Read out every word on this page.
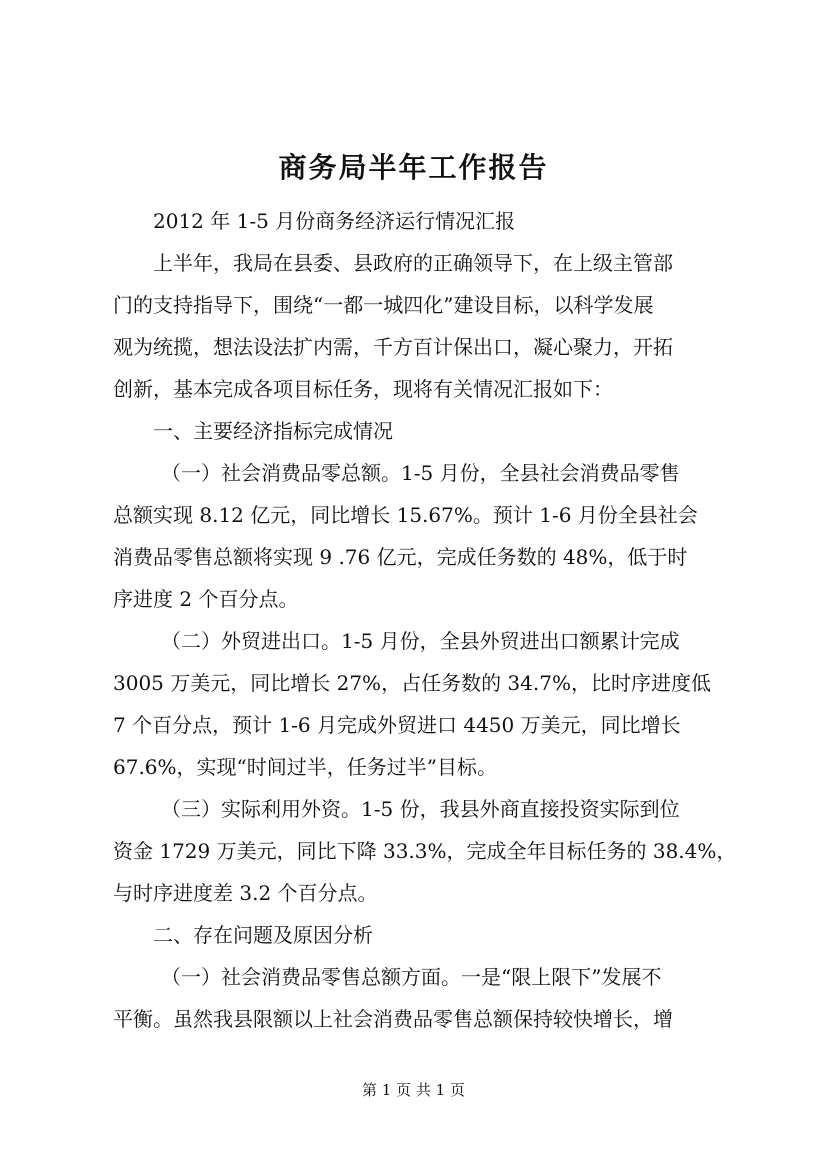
商务局半年工作报告
2012 年 1-5 月份商务经济运行情况汇报
上半年，我局在县委、县政府的正确领导下，在上级主管部
门的支持指导下，围绕“一都一城四化”建设目标，以科学发展
观为统揽，想法设法扩内需，千方百计保出口，凝心聚力，开拓
创新，基本完成各项目标任务，现将有关情况汇报如下：
一、主要经济指标完成情况
（一）社会消费品零总额。1-5 月份，全县社会消费品零售
总额实现 8.12 亿元，同比增长 15.67%。预计 1-6 月份全县社会
消费品零售总额将实现 9 .76 亿元，完成任务数的 48%，低于时
序进度 2 个百分点。
（二）外贸进出口。1-5 月份，全县外贸进出口额累计完成
3005 万美元，同比增长 27%，占任务数的 34.7%，比时序进度低
7 个百分点，预计 1-6 月完成外贸进口 4450 万美元，同比增长
67.6%，实现“时间过半，任务过半”目标。
（三）实际利用外资。1-5 份，我县外商直接投资实际到位
资金 1729 万美元，同比下降 33.3%，完成全年目标任务的 38.4%，
与时序进度差 3.2 个百分点。
二、存在问题及原因分析
（一）社会消费品零售总额方面。一是“限上限下”发展不
平衡。虽然我县限额以上社会消费品零售总额保持较快增长，增
第 1 页 共 1 页
